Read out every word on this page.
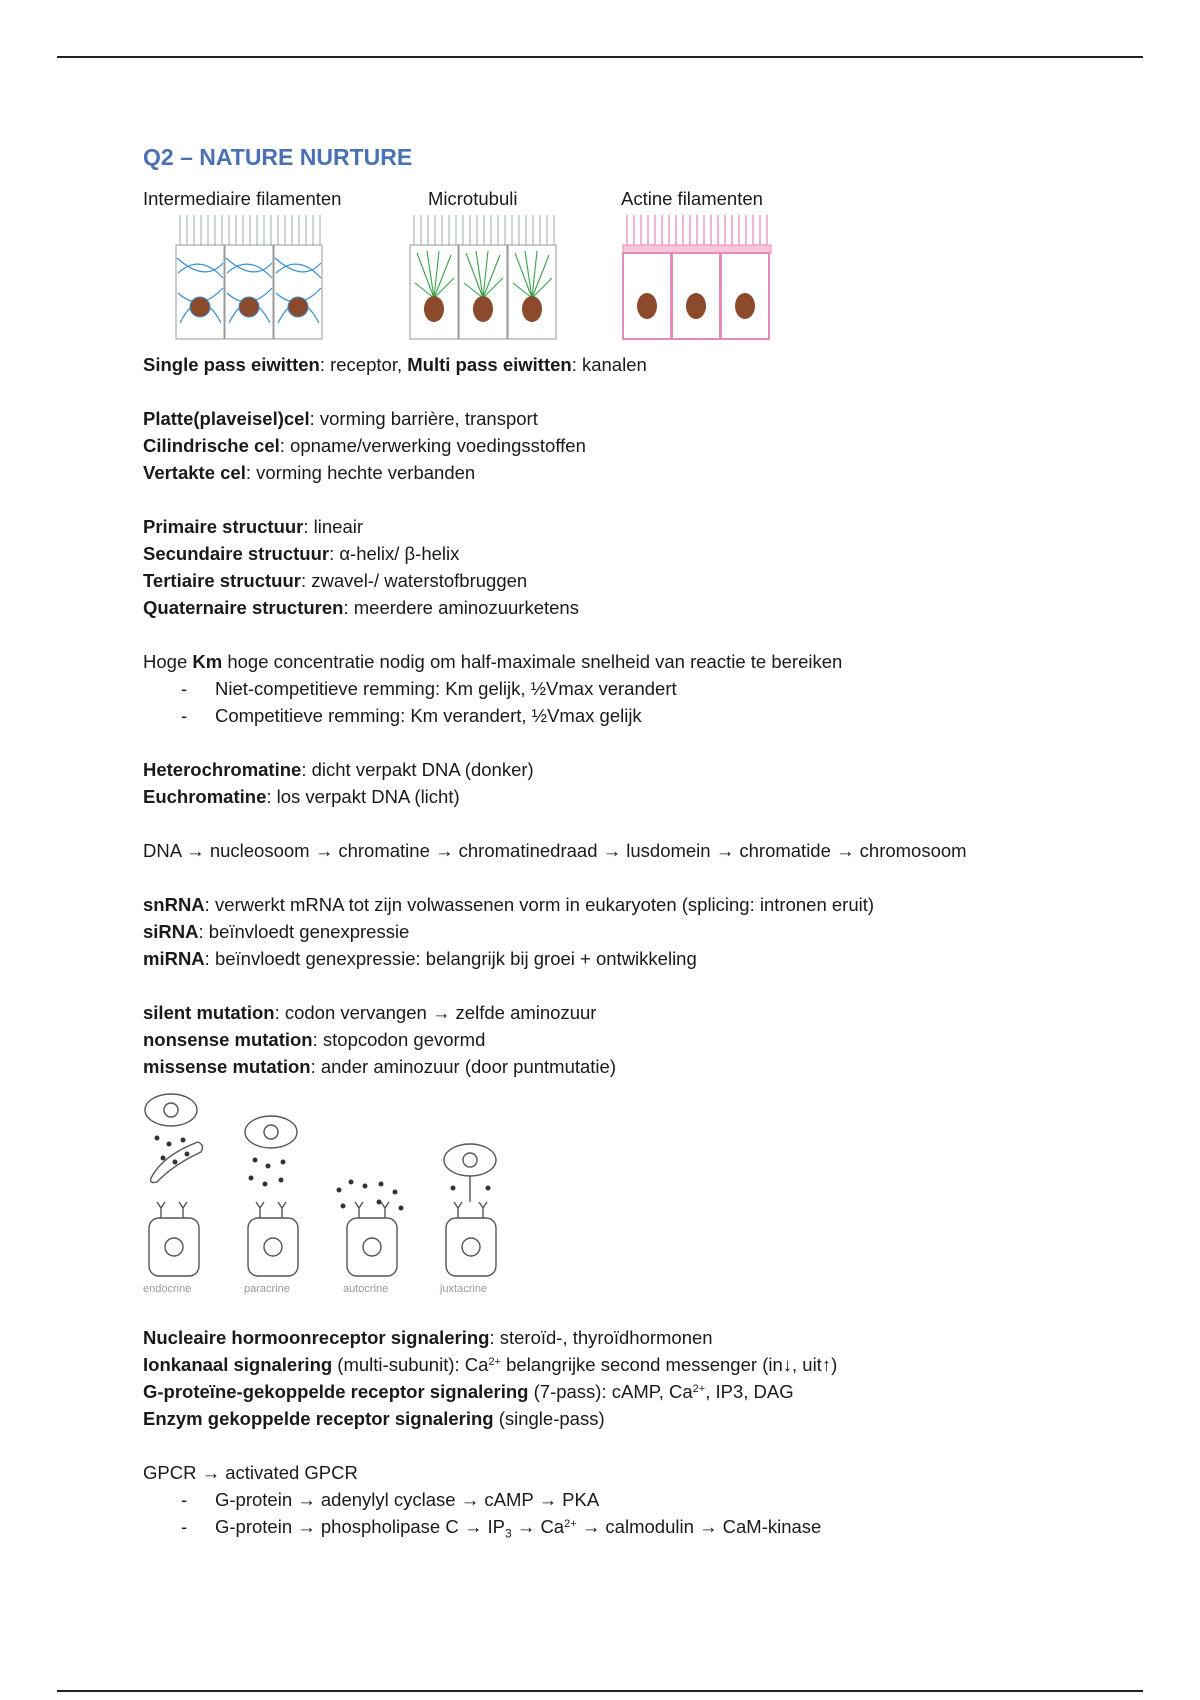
Q2 – NATURE NURTURE
Intermediaire filamenten	Microtubuli	Actine filamenten

Single pass eiwitten: receptor, Multi pass eiwitten: kanalen

Platte(plaveisel)cel: vorming barrière, transport

Cilindrische cel: opname/verwerking voedingsstoffen

Vertakte cel: vorming hechte verbanden

Primaire structuur: lineair

Secundaire structuur: α-helix/ β-helix

Tertiaire structuur: zwavel-/ waterstofbruggen

Quaternaire structuren: meerdere aminozuurketens

Hoge Km hoge concentratie nodig om half-maximale snelheid van reactie te bereiken

- Niet-competitieve remming: Km gelijk, ½Vmax verandert
- Competitieve remming: Km verandert, ½Vmax gelijk

Heterochromatine: dicht verpakt DNA (donker)

Euchromatine: los verpakt DNA (licht)

DNA → nucleosoom → chromatine → chromatinedraad → lusdomein → chromatide → chromosoom

snRNA: verwerkt mRNA tot zijn volwassenen vorm in eukaryoten (splicing: intronen eruit)

siRNA: beïnvloedt genexpressie

miRNA: beïnvloedt genexpressie: belangrijk bij groei + ontwikkeling

silent mutation: codon vervangen → zelfde aminozuur

nonsense mutation: stopcodon gevormd

missense mutation: ander aminozuur (door puntmutatie)

endocrine	paracrine	autocrine	juxtacrine

Nucleaire hormoonreceptor signalering: steroïd-, thyroïdhormonen

Ionkanaal signalering (multi-subunit): $Ca^{2+}$ belangrijke second messenger (in↓, uit↑)

G-proteïne-gekoppelde receptor signalering (7-pass): cAMP, $Ca^{2+}$, IP3, DAG

Enzym gekoppelde receptor signalering (single-pass)

GPCR → activated GPCR

- G-protein → adenylyl cyclase → cAMP → PKA
- G-protein → phospholipase $C \to IP_3 \to Ca^{2+}$ → calmodulin → CaM-kinase
